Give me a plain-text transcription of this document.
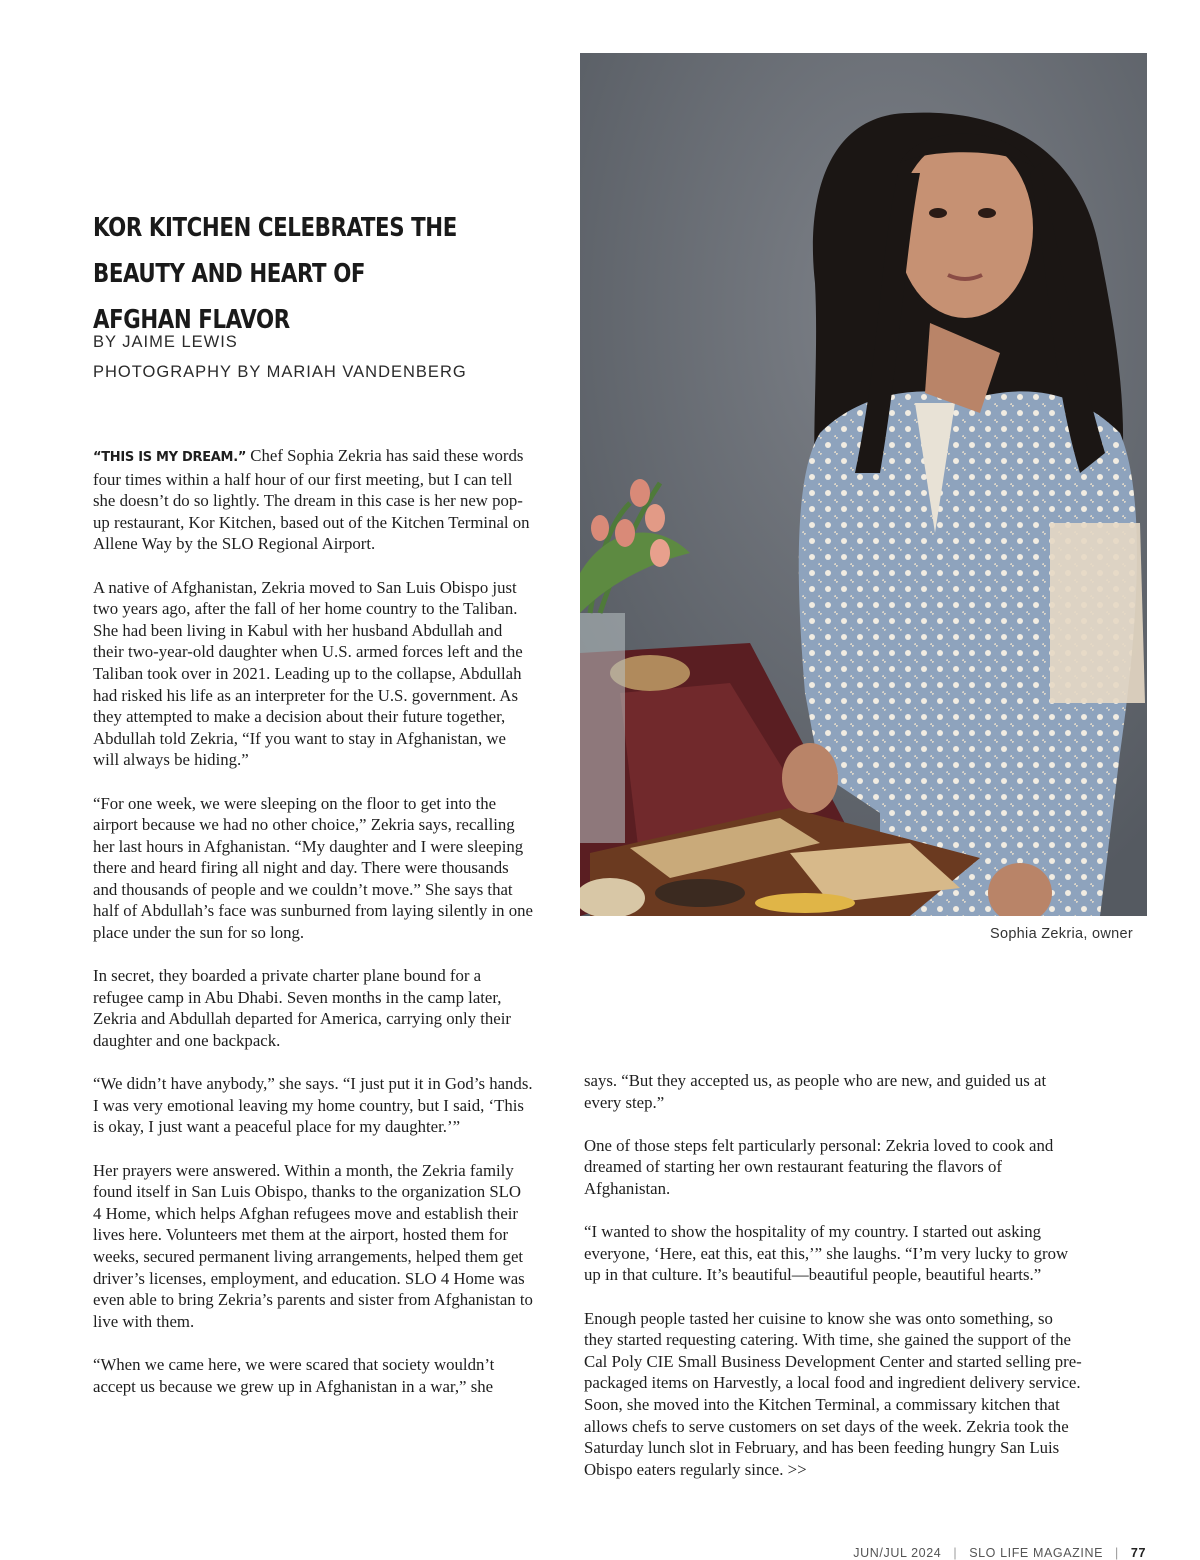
KOR KITCHEN CELEBRATES THE BEAUTY AND HEART OF AFGHAN FLAVOR
BY JAIME LEWIS
PHOTOGRAPHY BY MARIAH VANDENBERG

“THIS IS MY DREAM.” Chef Sophia Zekria has said these words four times within a half hour of our first meeting, but I can tell she doesn’t do so lightly. The dream in this case is her new pop-up restaurant, Kor Kitchen, based out of the Kitchen Terminal on Allene Way by the SLO Regional Airport.

A native of Afghanistan, Zekria moved to San Luis Obispo just two years ago, after the fall of her home country to the Taliban. She had been living in Kabul with her husband Abdullah and their two-year-old daughter when U.S. armed forces left and the Taliban took over in 2021. Leading up to the collapse, Abdullah had risked his life as an interpreter for the U.S. government. As they attempted to make a decision about their future together, Abdullah told Zekria, “If you want to stay in Afghanistan, we will always be hiding.”

“For one week, we were sleeping on the floor to get into the airport because we had no other choice,” Zekria says, recalling her last hours in Afghanistan. “My daughter and I were sleeping there and heard firing all night and day. There were thousands and thousands of people and we couldn’t move.” She says that half of Abdullah’s face was sunburned from laying silently in one place under the sun for so long.

In secret, they boarded a private charter plane bound for a refugee camp in Abu Dhabi. Seven months in the camp later, Zekria and Abdullah departed for America, carrying only their daughter and one backpack.

“We didn’t have anybody,” she says. “I just put it in God’s hands. I was very emotional leaving my home country, but I said, ‘This is okay, I just want a peaceful place for my daughter.’”

Her prayers were answered. Within a month, the Zekria family found itself in San Luis Obispo, thanks to the organization SLO 4 Home, which helps Afghan refugees move and establish their lives here. Volunteers met them at the airport, hosted them for weeks, secured permanent living arrangements, helped them get driver’s licenses, employment, and education. SLO 4 Home was even able to bring Zekria’s parents and sister from Afghanistan to live with them.

“When we came here, we were scared that society wouldn’t accept us because we grew up in Afghanistan in a war,” she

Sophia Zekria, owner

says. “But they accepted us, as people who are new, and guided us at every step.”

One of those steps felt particularly personal: Zekria loved to cook and dreamed of starting her own restaurant featuring the flavors of Afghanistan.

“I wanted to show the hospitality of my country. I started out asking everyone, ‘Here, eat this, eat this,’” she laughs. “I’m very lucky to grow up in that culture. It’s beautiful—beautiful people, beautiful hearts.”

Enough people tasted her cuisine to know she was onto something, so they started requesting catering. With time, she gained the support of the Cal Poly CIE Small Business Development Center and started selling pre-packaged items on Harvestly, a local food and ingredient delivery service. Soon, she moved into the Kitchen Terminal, a commissary kitchen that allows chefs to serve customers on set days of the week. Zekria took the Saturday lunch slot in February, and has been feeding hungry San Luis Obispo eaters regularly since. >>

JUN/JUL 2024 | SLO LIFE MAGAZINE | 77
